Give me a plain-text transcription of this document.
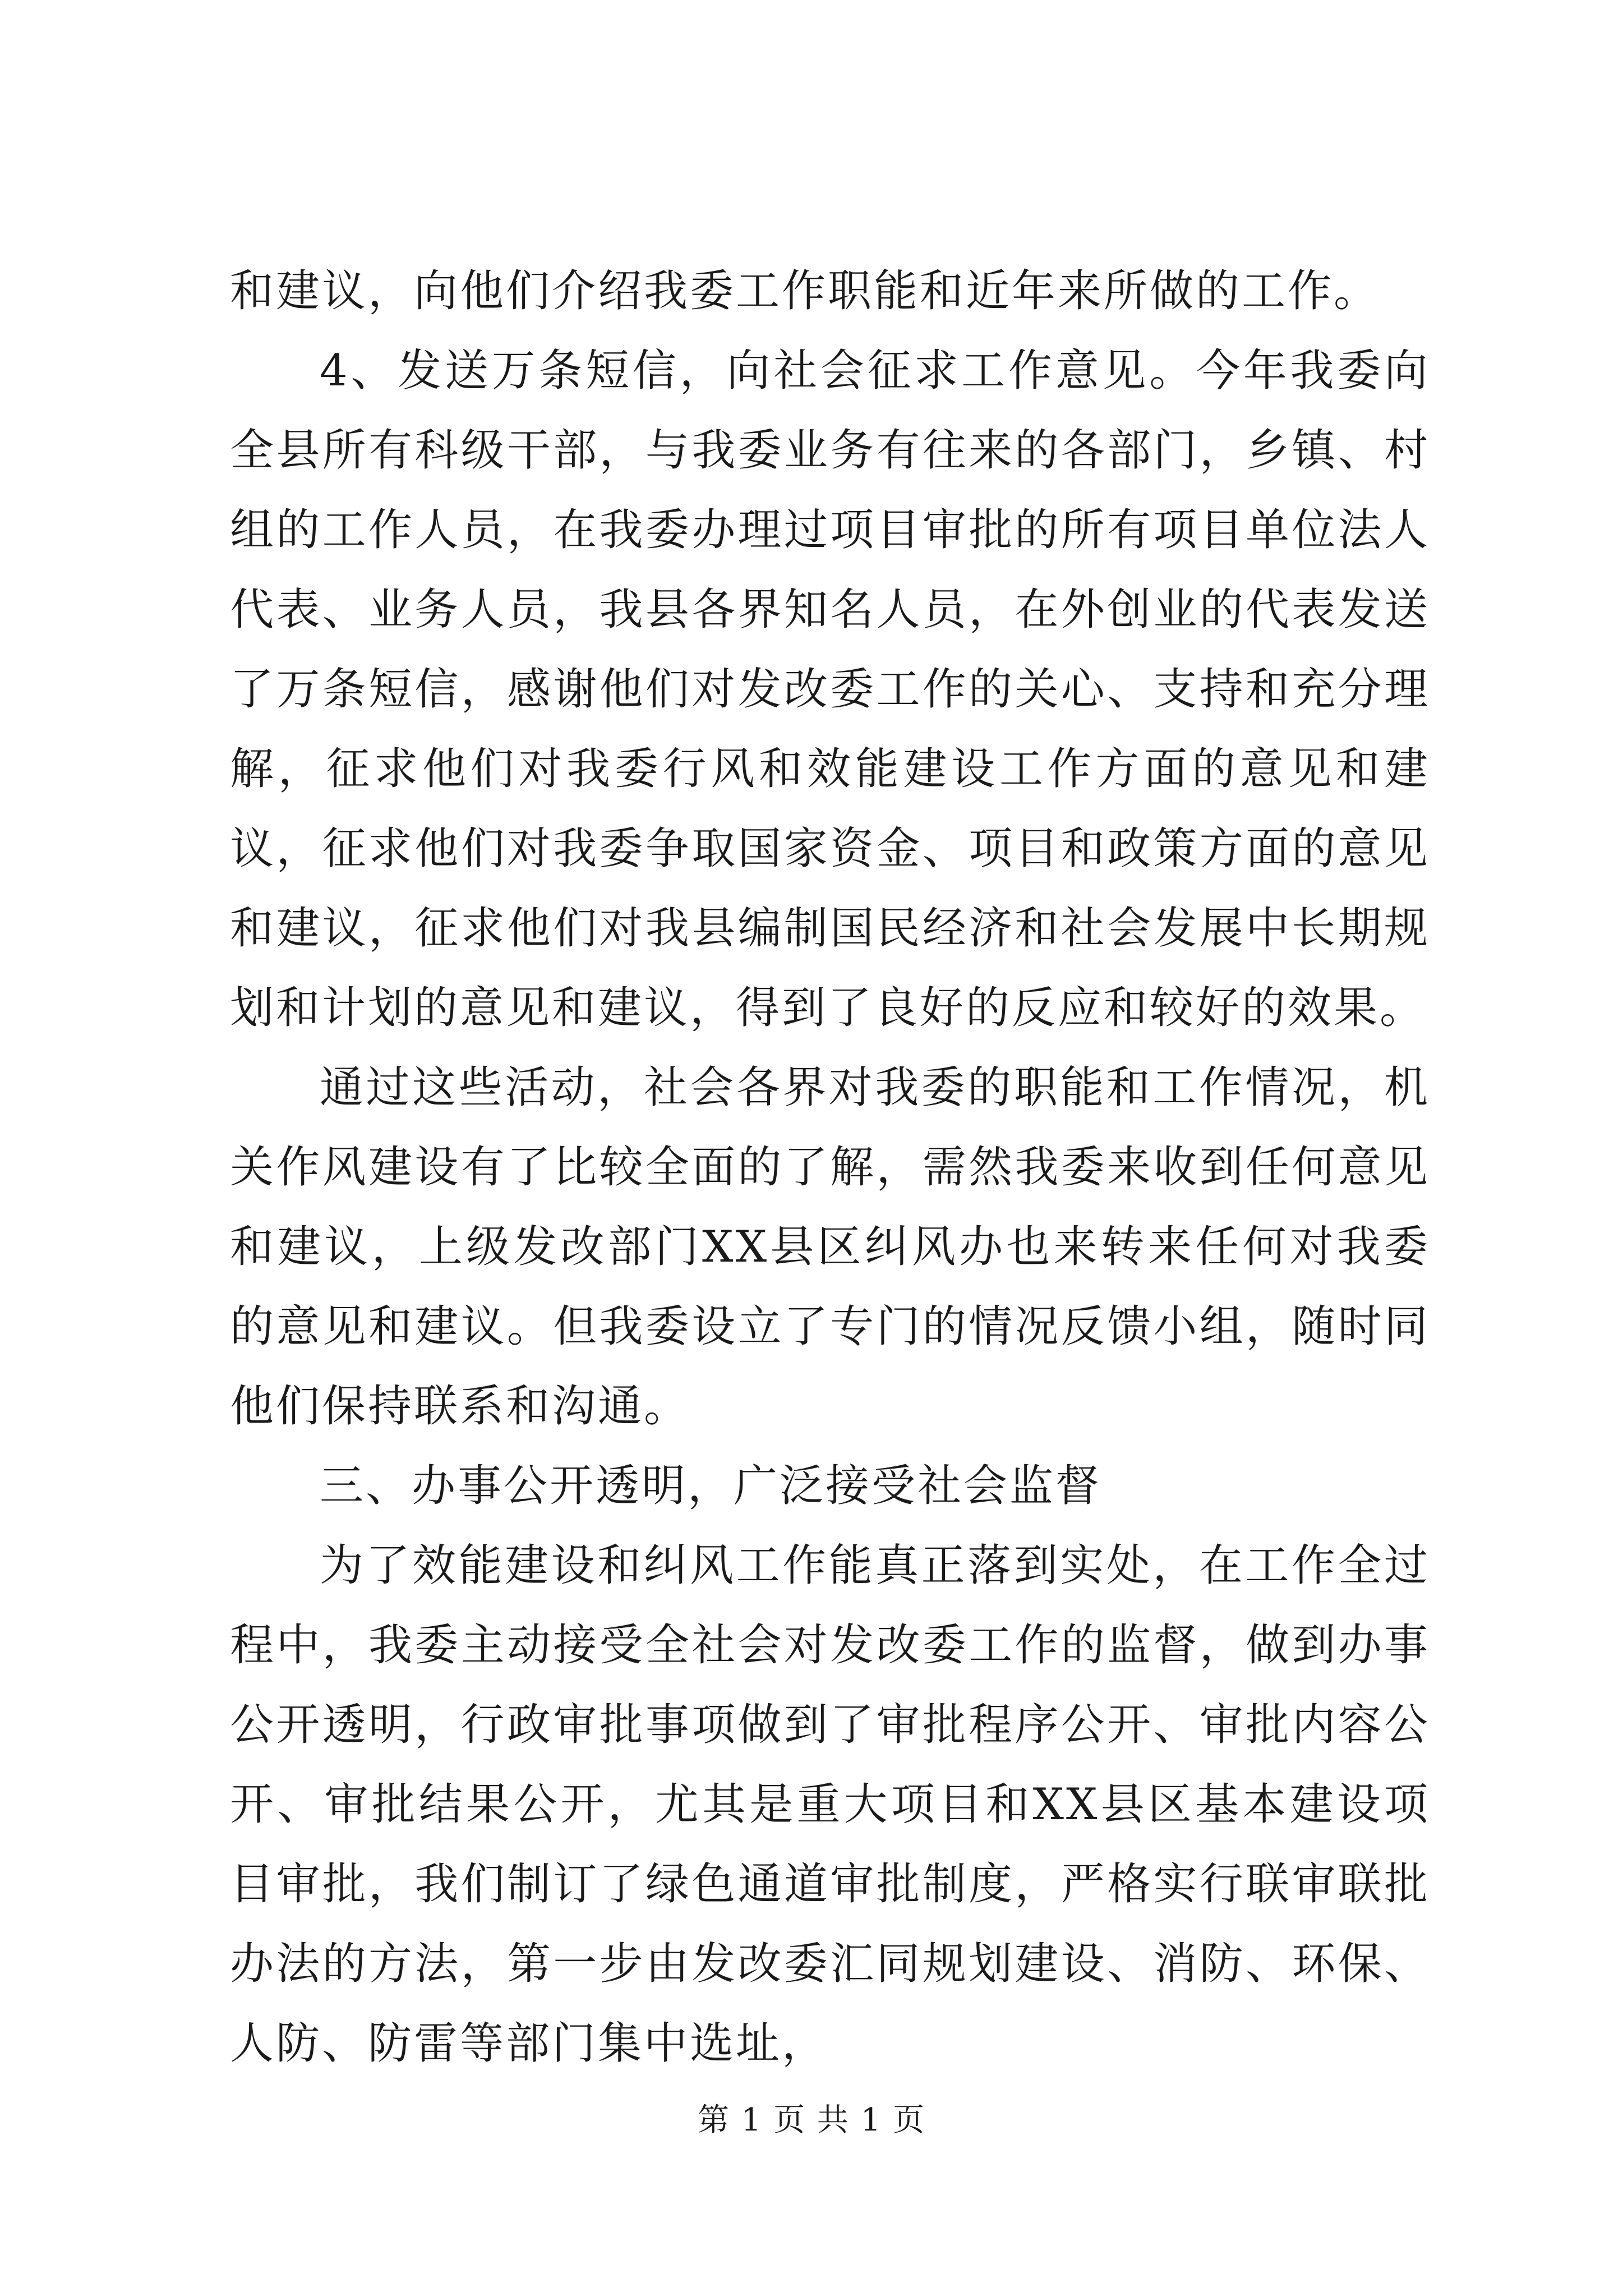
和建议，向他们介绍我委工作职能和近年来所做的工作。

4、发送万条短信，向社会征求工作意见。今年我委向全县所有科级干部，与我委业务有往来的各部门，乡镇、村组的工作人员，在我委办理过项目审批的所有项目单位法人代表、业务人员，我县各界知名人员，在外创业的代表发送了万条短信，感谢他们对发改委工作的关心、支持和充分理解，征求他们对我委行风和效能建设工作方面的意见和建议，征求他们对我委争取国家资金、项目和政策方面的意见和建议，征求他们对我县编制国民经济和社会发展中长期规划和计划的意见和建议，得到了良好的反应和较好的效果。

通过这些活动，社会各界对我委的职能和工作情况，机关作风建设有了比较全面的了解，需然我委来收到任何意见和建议，上级发改部门XX县区纠风办也来转来任何对我委的意见和建议。但我委设立了专门的情况反馈小组，随时同他们保持联系和沟通。

三、办事公开透明，广泛接受社会监督

为了效能建设和纠风工作能真正落到实处，在工作全过程中，我委主动接受全社会对发改委工作的监督，做到办事公开透明，行政审批事项做到了审批程序公开、审批内容公开、审批结果公开，尤其是重大项目和XX县区基本建设项目审批，我们制订了绿色通道审批制度，严格实行联审联批办法的方法，第一步由发改委汇同规划建设、消防、环保、人防、防雷等部门集中选址，

第 1 页 共 1 页
